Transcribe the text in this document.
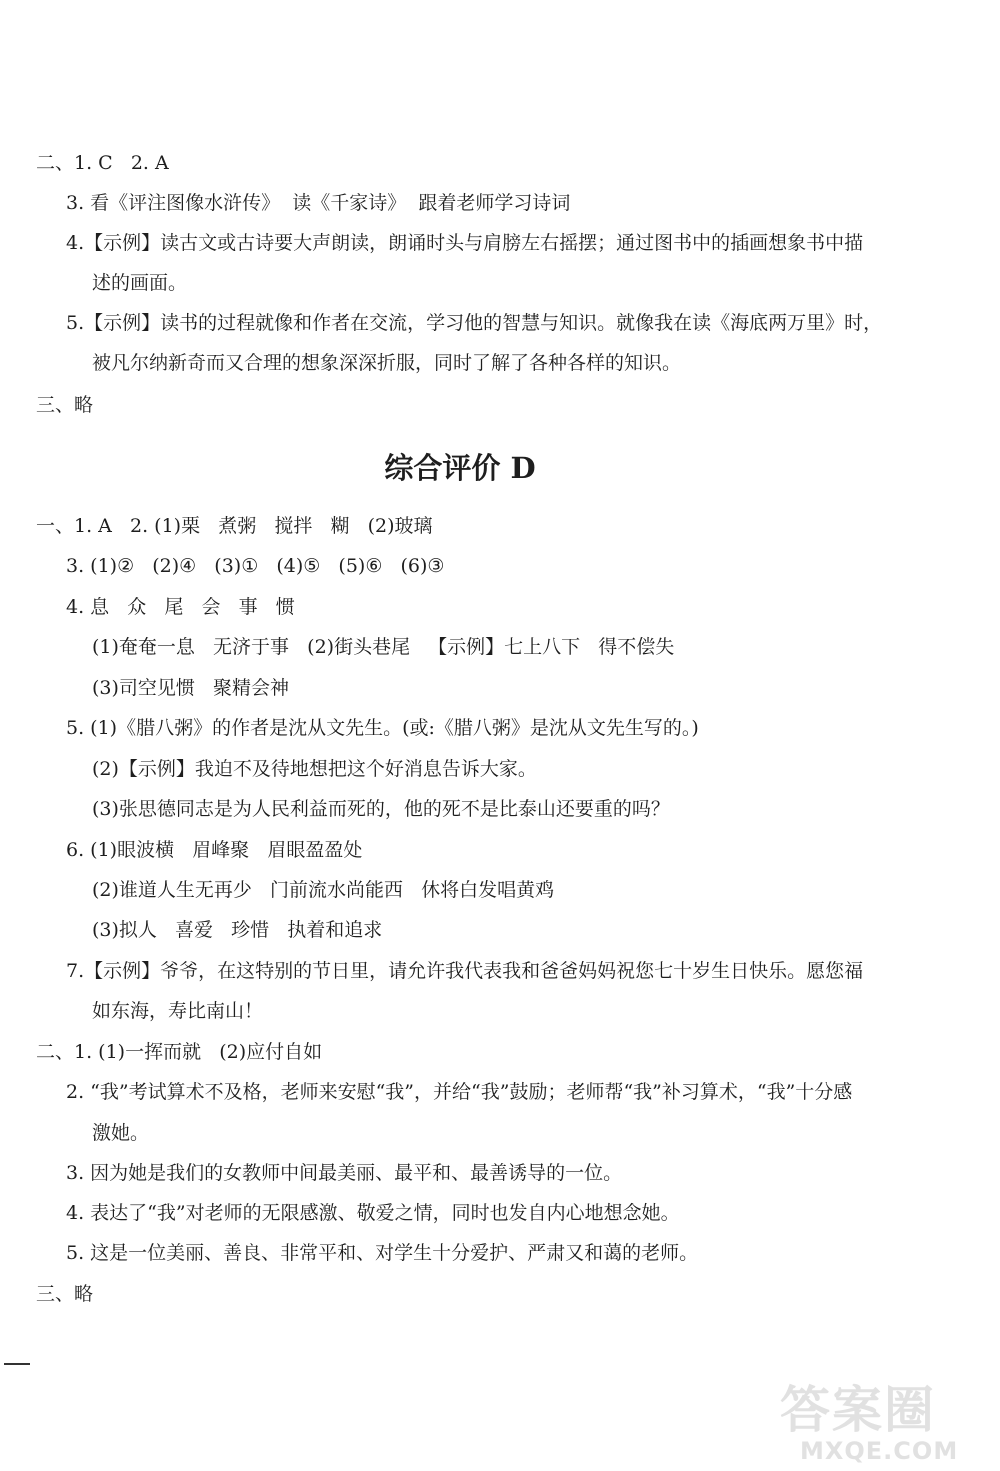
二、1. C   2. A
3. 看《评注图像水浒传》  读《千家诗》  跟着老师学习诗词
4.【示例】读古文或古诗要大声朗读，朗诵时头与肩膀左右摇摆；通过图书中的插画想象书中描
述的画面。
5.【示例】读书的过程就像和作者在交流，学习他的智慧与知识。就像我在读《海底两万里》时，
被凡尔纳新奇而又合理的想象深深折服，同时了解了各种各样的知识。
三、略
综合评价 D
一、1. A   2. (1)栗   煮粥   搅拌   糊   (2)玻璃
3. (1)②   (2)④   (3)①   (4)⑤   (5)⑥   (6)③
4. 息   众   尾   会   事   惯
(1)奄奄一息   无济于事   (2)街头巷尾   【示例】七上八下   得不偿失
(3)司空见惯   聚精会神
5. (1)《腊八粥》的作者是沈从文先生。(或:《腊八粥》是沈从文先生写的。)
(2)【示例】我迫不及待地想把这个好消息告诉大家。
(3)张思德同志是为人民利益而死的，他的死不是比泰山还要重的吗？
6. (1)眼波横   眉峰聚   眉眼盈盈处
(2)谁道人生无再少   门前流水尚能西   休将白发唱黄鸡
(3)拟人   喜爱   珍惜   执着和追求
7.【示例】爷爷，在这特别的节日里，请允许我代表我和爸爸妈妈祝您七十岁生日快乐。愿您福
如东海，寿比南山！
二、1. (1)一挥而就   (2)应付自如
2. “我”考试算术不及格，老师来安慰“我”，并给“我”鼓励；老师帮“我”补习算术，“我”十分感
激她。
3. 因为她是我们的女教师中间最美丽、最平和、最善诱导的一位。
4. 表达了“我”对老师的无限感激、敬爱之情，同时也发自内心地想念她。
5. 这是一位美丽、善良、非常平和、对学生十分爱护、严肃又和蔼的老师。
三、略
答案圈
MXQE.COM
